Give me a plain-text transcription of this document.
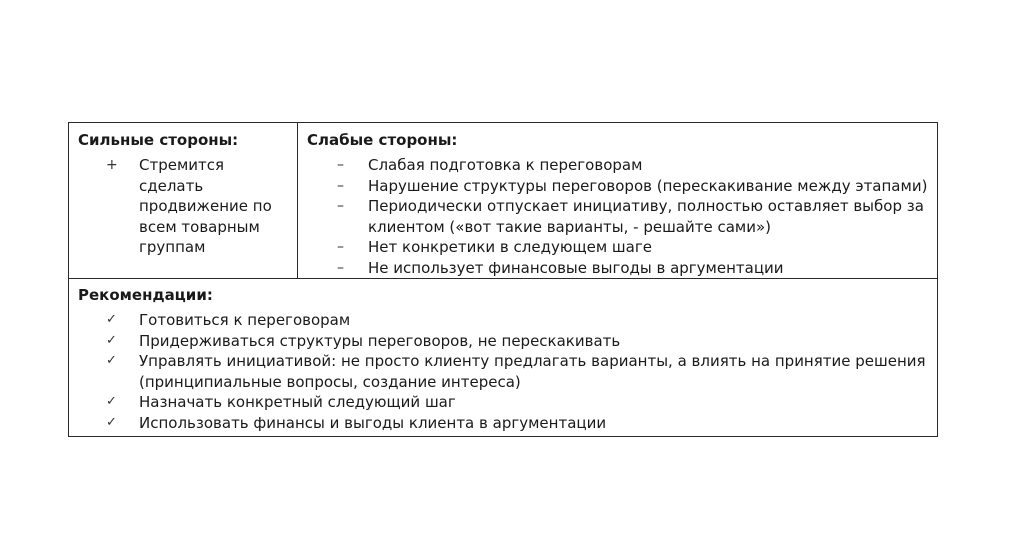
Сильные стороны:
+ Стремится сделать продвижение по всем товарным группам
Слабые стороны:
– Слабая подготовка к переговорам
– Нарушение структуры переговоров (перескакивание между этапами)
– Периодически отпускает инициативу, полностью оставляет выбор за клиентом («вот такие варианты, - решайте сами»)
– Нет конкретики в следующем шаге
– Не использует финансовые выгоды в аргументации
Рекомендации:
✓ Готовиться к переговорам
✓ Придерживаться структуры переговоров, не перескакивать
✓ Управлять инициативой: не просто клиенту предлагать варианты, а влиять на принятие решения (принципиальные вопросы, создание интереса)
✓ Назначать конкретный следующий шаг
✓ Использовать финансы и выгоды клиента в аргументации
